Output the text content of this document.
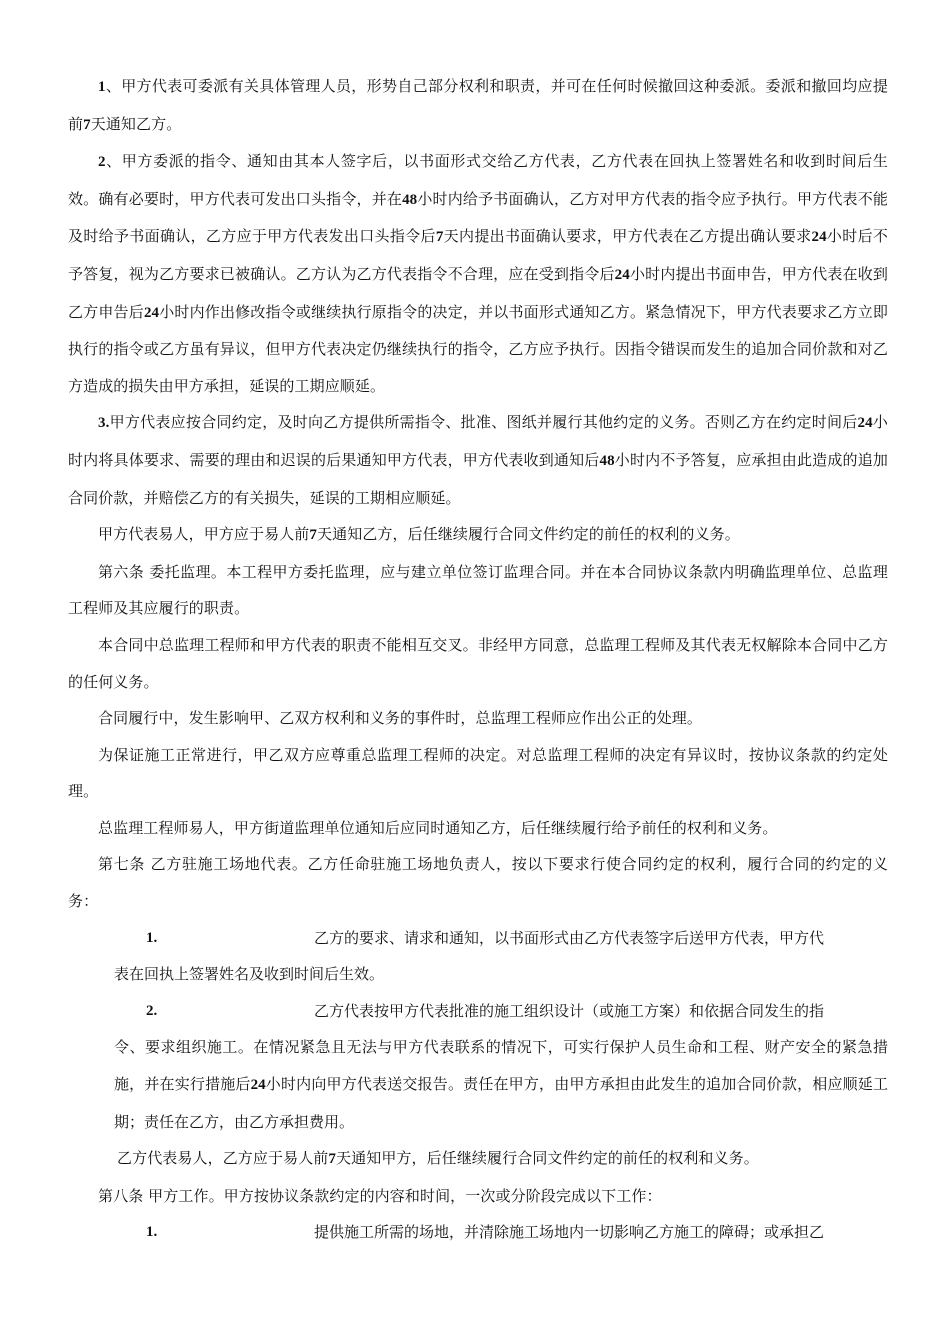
1、甲方代表可委派有关具体管理人员，形势自己部分权利和职责，并可在任何时候撤回这种委派。委派和撤回均应提前7天通知乙方。

2、甲方委派的指令、通知由其本人签字后，以书面形式交给乙方代表，乙方代表在回执上签署姓名和收到时间后生效。确有必要时，甲方代表可发出口头指令，并在48小时内给予书面确认，乙方对甲方代表的指令应予执行。甲方代表不能及时给予书面确认，乙方应于甲方代表发出口头指令后7天内提出书面确认要求，甲方代表在乙方提出确认要求24小时后不予答复，视为乙方要求已被确认。乙方认为乙方代表指令不合理，应在受到指令后24小时内提出书面申告，甲方代表在收到乙方申告后24小时内作出修改指令或继续执行原指令的决定，并以书面形式通知乙方。紧急情况下，甲方代表要求乙方立即执行的指令或乙方虽有异议，但甲方代表决定仍继续执行的指令，乙方应予执行。因指令错误而发生的追加合同价款和对乙方造成的损失由甲方承担，延误的工期应顺延。

3.甲方代表应按合同约定，及时向乙方提供所需指令、批准、图纸并履行其他约定的义务。否则乙方在约定时间后24小时内将具体要求、需要的理由和迟误的后果通知甲方代表，甲方代表收到通知后48小时内不予答复，应承担由此造成的追加合同价款，并赔偿乙方的有关损失，延误的工期相应顺延。

甲方代表易人，甲方应于易人前7天通知乙方，后任继续履行合同文件约定的前任的权利的义务。

第六条 委托监理。本工程甲方委托监理，应与建立单位签订监理合同。并在本合同协议条款内明确监理单位、总监理工程师及其应履行的职责。

本合同中总监理工程师和甲方代表的职责不能相互交叉。非经甲方同意，总监理工程师及其代表无权解除本合同中乙方的任何义务。

合同履行中，发生影响甲、乙双方权利和义务的事件时，总监理工程师应作出公正的处理。

为保证施工正常进行，甲乙双方应尊重总监理工程师的决定。对总监理工程师的决定有异议时，按协议条款的约定处理。

总监理工程师易人，甲方街道监理单位通知后应同时通知乙方，后任继续履行给予前任的权利和义务。

第七条 乙方驻施工场地代表。乙方任命驻施工场地负责人，按以下要求行使合同约定的权利，履行合同的约定的义务：

1.	乙方的要求、请求和通知，以书面形式由乙方代表签字后送甲方代表，甲方代

表在回执上签署姓名及收到时间后生效。

2.	乙方代表按甲方代表批准的施工组织设计（或施工方案）和依据合同发生的指

令、要求组织施工。在情况紧急且无法与甲方代表联系的情况下，可实行保护人员生命和工程、财产安全的紧急措施，并在实行措施后24小时内向甲方代表送交报告。责任在甲方，由甲方承担由此发生的追加合同价款，相应顺延工期；责任在乙方，由乙方承担费用。

乙方代表易人，乙方应于易人前7天通知甲方，后任继续履行合同文件约定的前任的权利和义务。

第八条 甲方工作。甲方按协议条款约定的内容和时间，一次或分阶段完成以下工作：

1.	提供施工所需的场地，并清除施工场地内一切影响乙方施工的障碍；或承担乙
